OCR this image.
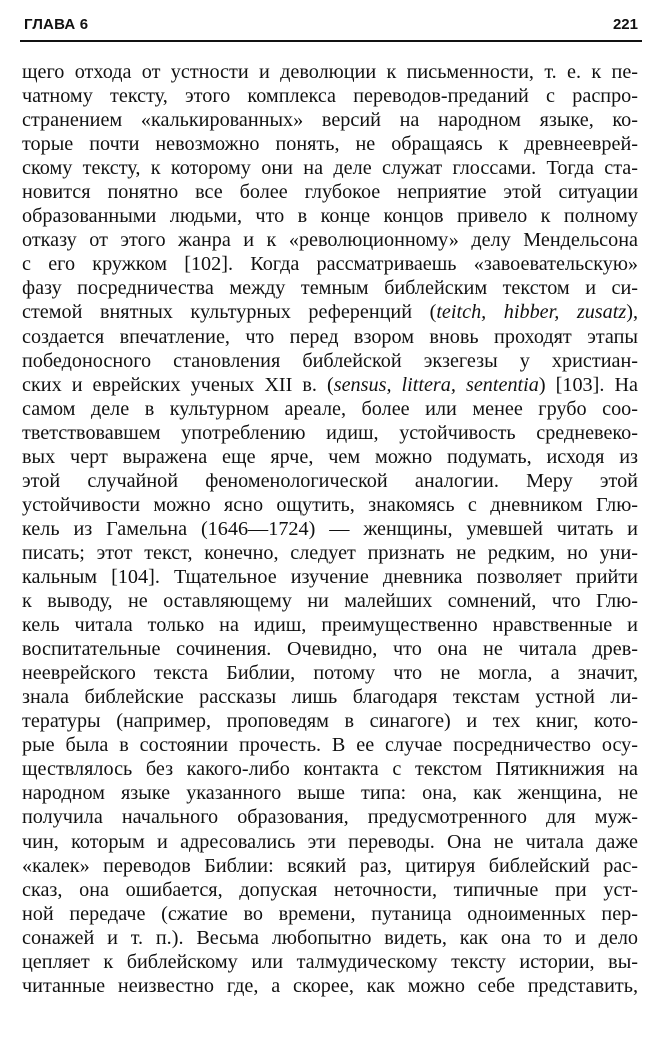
ГЛАВА 6	221
щего отхода от устности и деволюции к письменности, т. е. к пе-
чатному тексту, этого комплекса переводов-преданий с распро-
странением «калькированных» версий на народном языке, ко-
торые почти невозможно понять, не обращаясь к древнееврей-
скому тексту, к которому они на деле служат глоссами. Тогда ста-
новится понятно все более глубокое неприятие этой ситуации
образованными людьми, что в конце концов привело к полному
отказу от этого жанра и к «революционному» делу Мендельсона
с его кружком [102]. Когда рассматриваешь «завоевательскую»
фазу посредничества между темным библейским текстом и си-
стемой внятных культурных референций (teitch, hibber, zusatz),
создается впечатление, что перед взором вновь проходят этапы
победоносного становления библейской экзегезы у христиан-
ских и еврейских ученых XII в. (sensus, littera, sententia) [103]. На
самом деле в культурном ареале, более или менее грубо соо-
тветствовавшем употреблению идиш, устойчивость средневеко-
вых черт выражена еще ярче, чем можно подумать, исходя из
этой случайной феноменологической аналогии. Меру этой
устойчивости можно ясно ощутить, знакомясь с дневником Глю-
кель из Гамельна (1646—1724) — женщины, умевшей читать и
писать; этот текст, конечно, следует признать не редким, но уни-
кальным [104]. Тщательное изучение дневника позволяет прийти
к выводу, не оставляющему ни малейших сомнений, что Глю-
кель читала только на идиш, преимущественно нравственные и
воспитательные сочинения. Очевидно, что она не читала древ-
нееврейского текста Библии, потому что не могла, а значит,
знала библейские рассказы лишь благодаря текстам устной ли-
тературы (например, проповедям в синагоге) и тех книг, кото-
рые была в состоянии прочесть. В ее случае посредничество осу-
ществлялось без какого-либо контакта с текстом Пятикнижия на
народном языке указанного выше типа: она, как женщина, не
получила начального образования, предусмотренного для муж-
чин, которым и адресовались эти переводы. Она не читала даже
«калек» переводов Библии: всякий раз, цитируя библейский рас-
сказ, она ошибается, допуская неточности, типичные при уст-
ной передаче (сжатие во времени, путаница одноименных пер-
сонажей и т. п.). Весьма любопытно видеть, как она то и дело
цепляет к библейскому или талмудическому тексту истории, вы-
читанные неизвестно где, а скорее, как можно себе представить,
